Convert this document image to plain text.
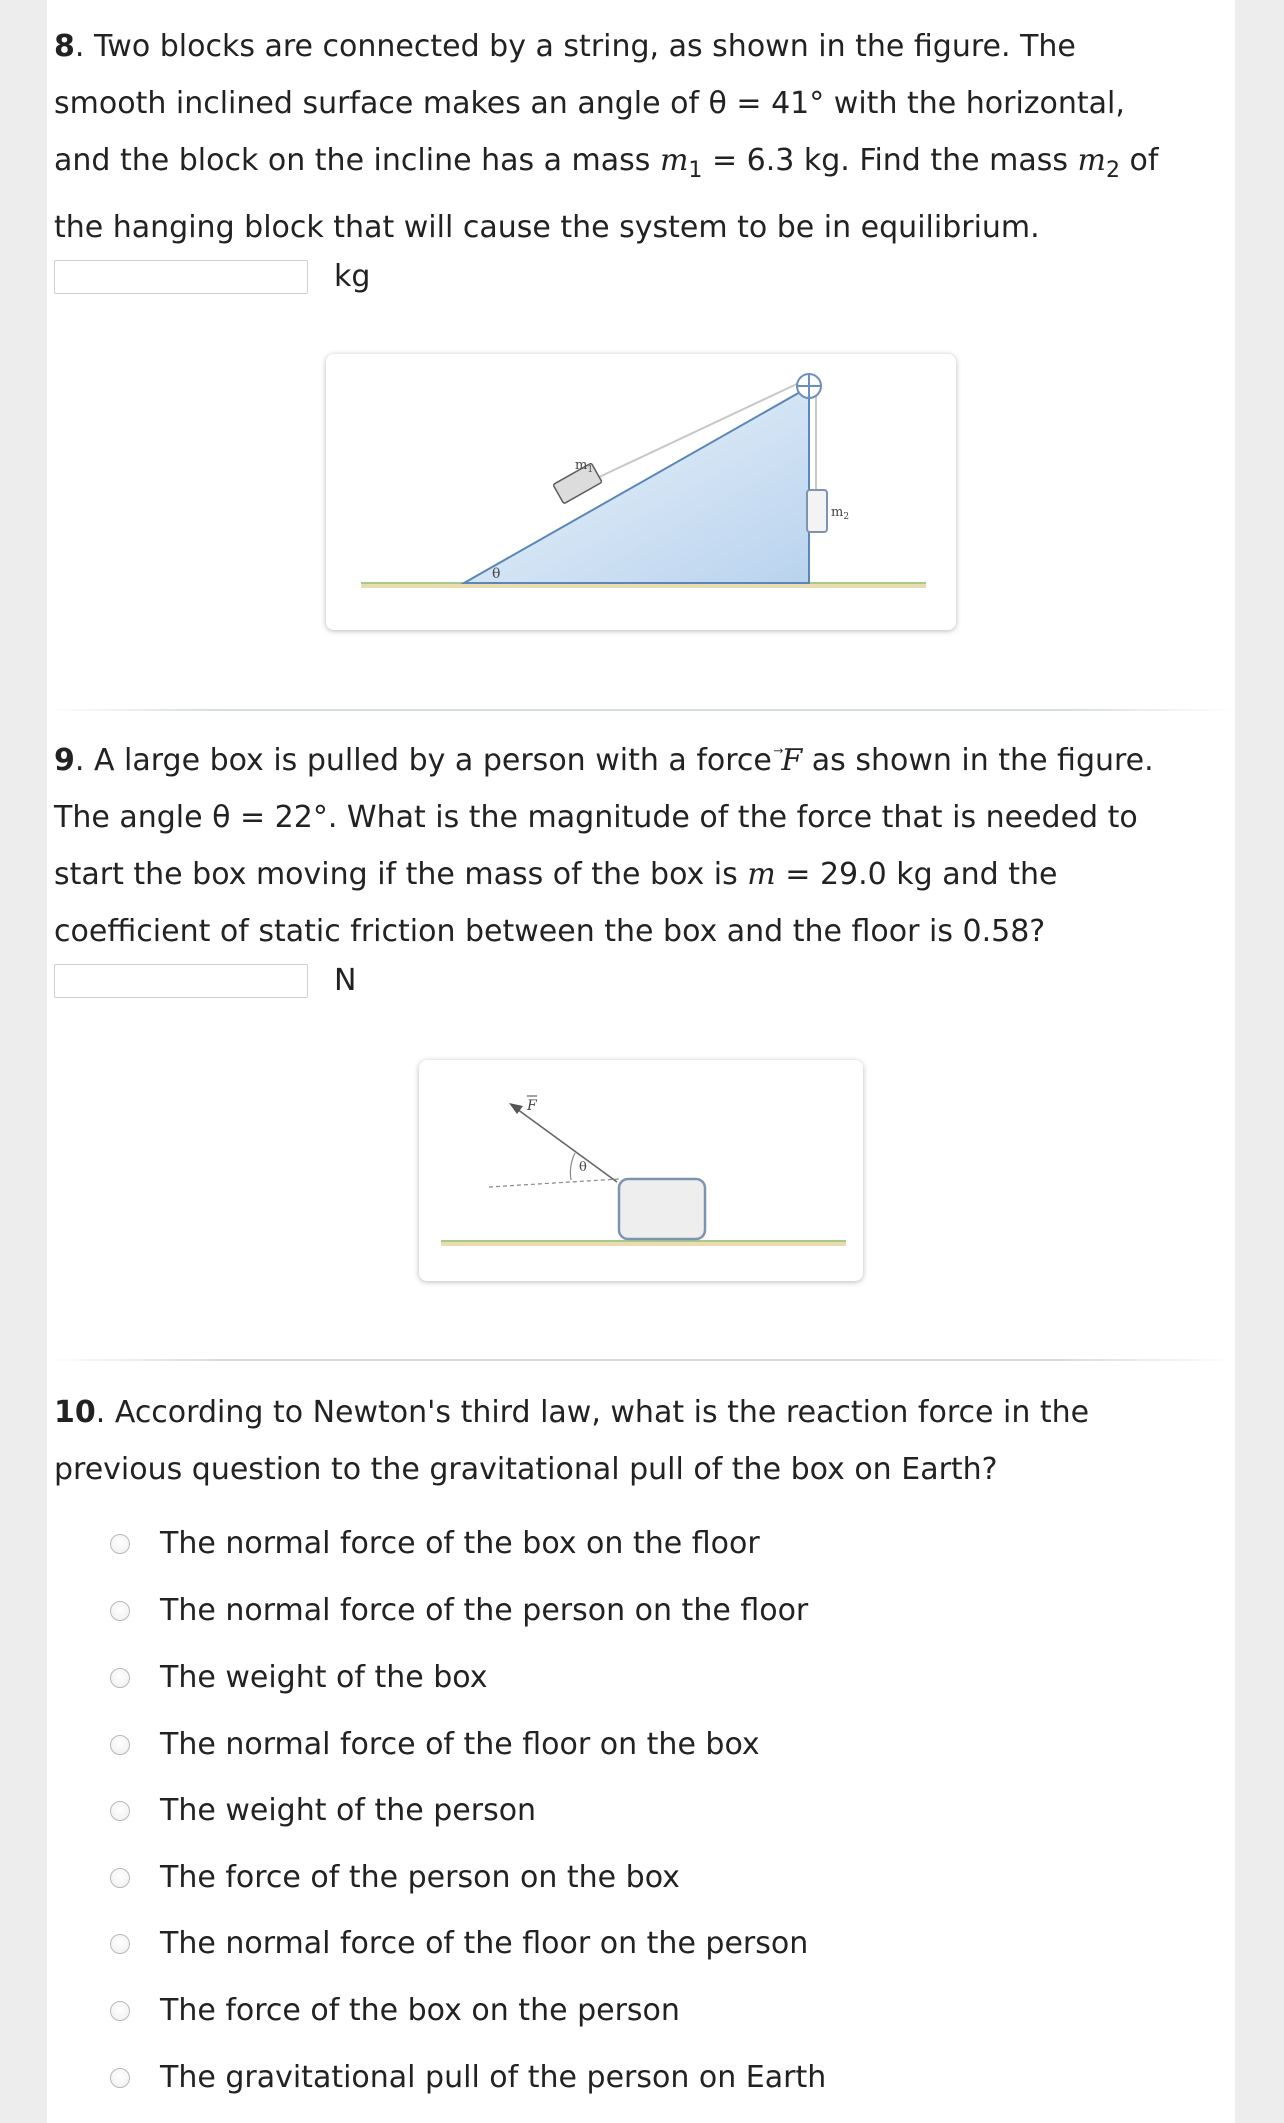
8. Two blocks are connected by a string, as shown in the figure. The
smooth inclined surface makes an angle of θ = 41° with the horizontal,
and the block on the incline has a mass $m_1 = 6.3$ kg. Find the mass $m_2$ of
the hanging block that will cause the system to be in equilibrium.

kg
$m_1$
$m_2$
θ

9. A large box is pulled by a person with a force F
as shown in the figure.
The angle θ = 22°. What is the magnitude of the force that is needed to
start the box moving if the mass of the box is m = 29.0 kg and the
coefficient of static friction between the box and the floor is 0.58?

N
θ
F

10. According to Newton's third law, what is the reaction force in the
previous question to the gravitational pull of the box on Earth?

The normal force of the box on the floor
The normal force of the person on the floor
The weight of the box
The normal force of the floor on the box
The weight of the person
The force of the person on the box
The normal force of the floor on the person
The force of the box on the person
The gravitational pull of the person on Earth
